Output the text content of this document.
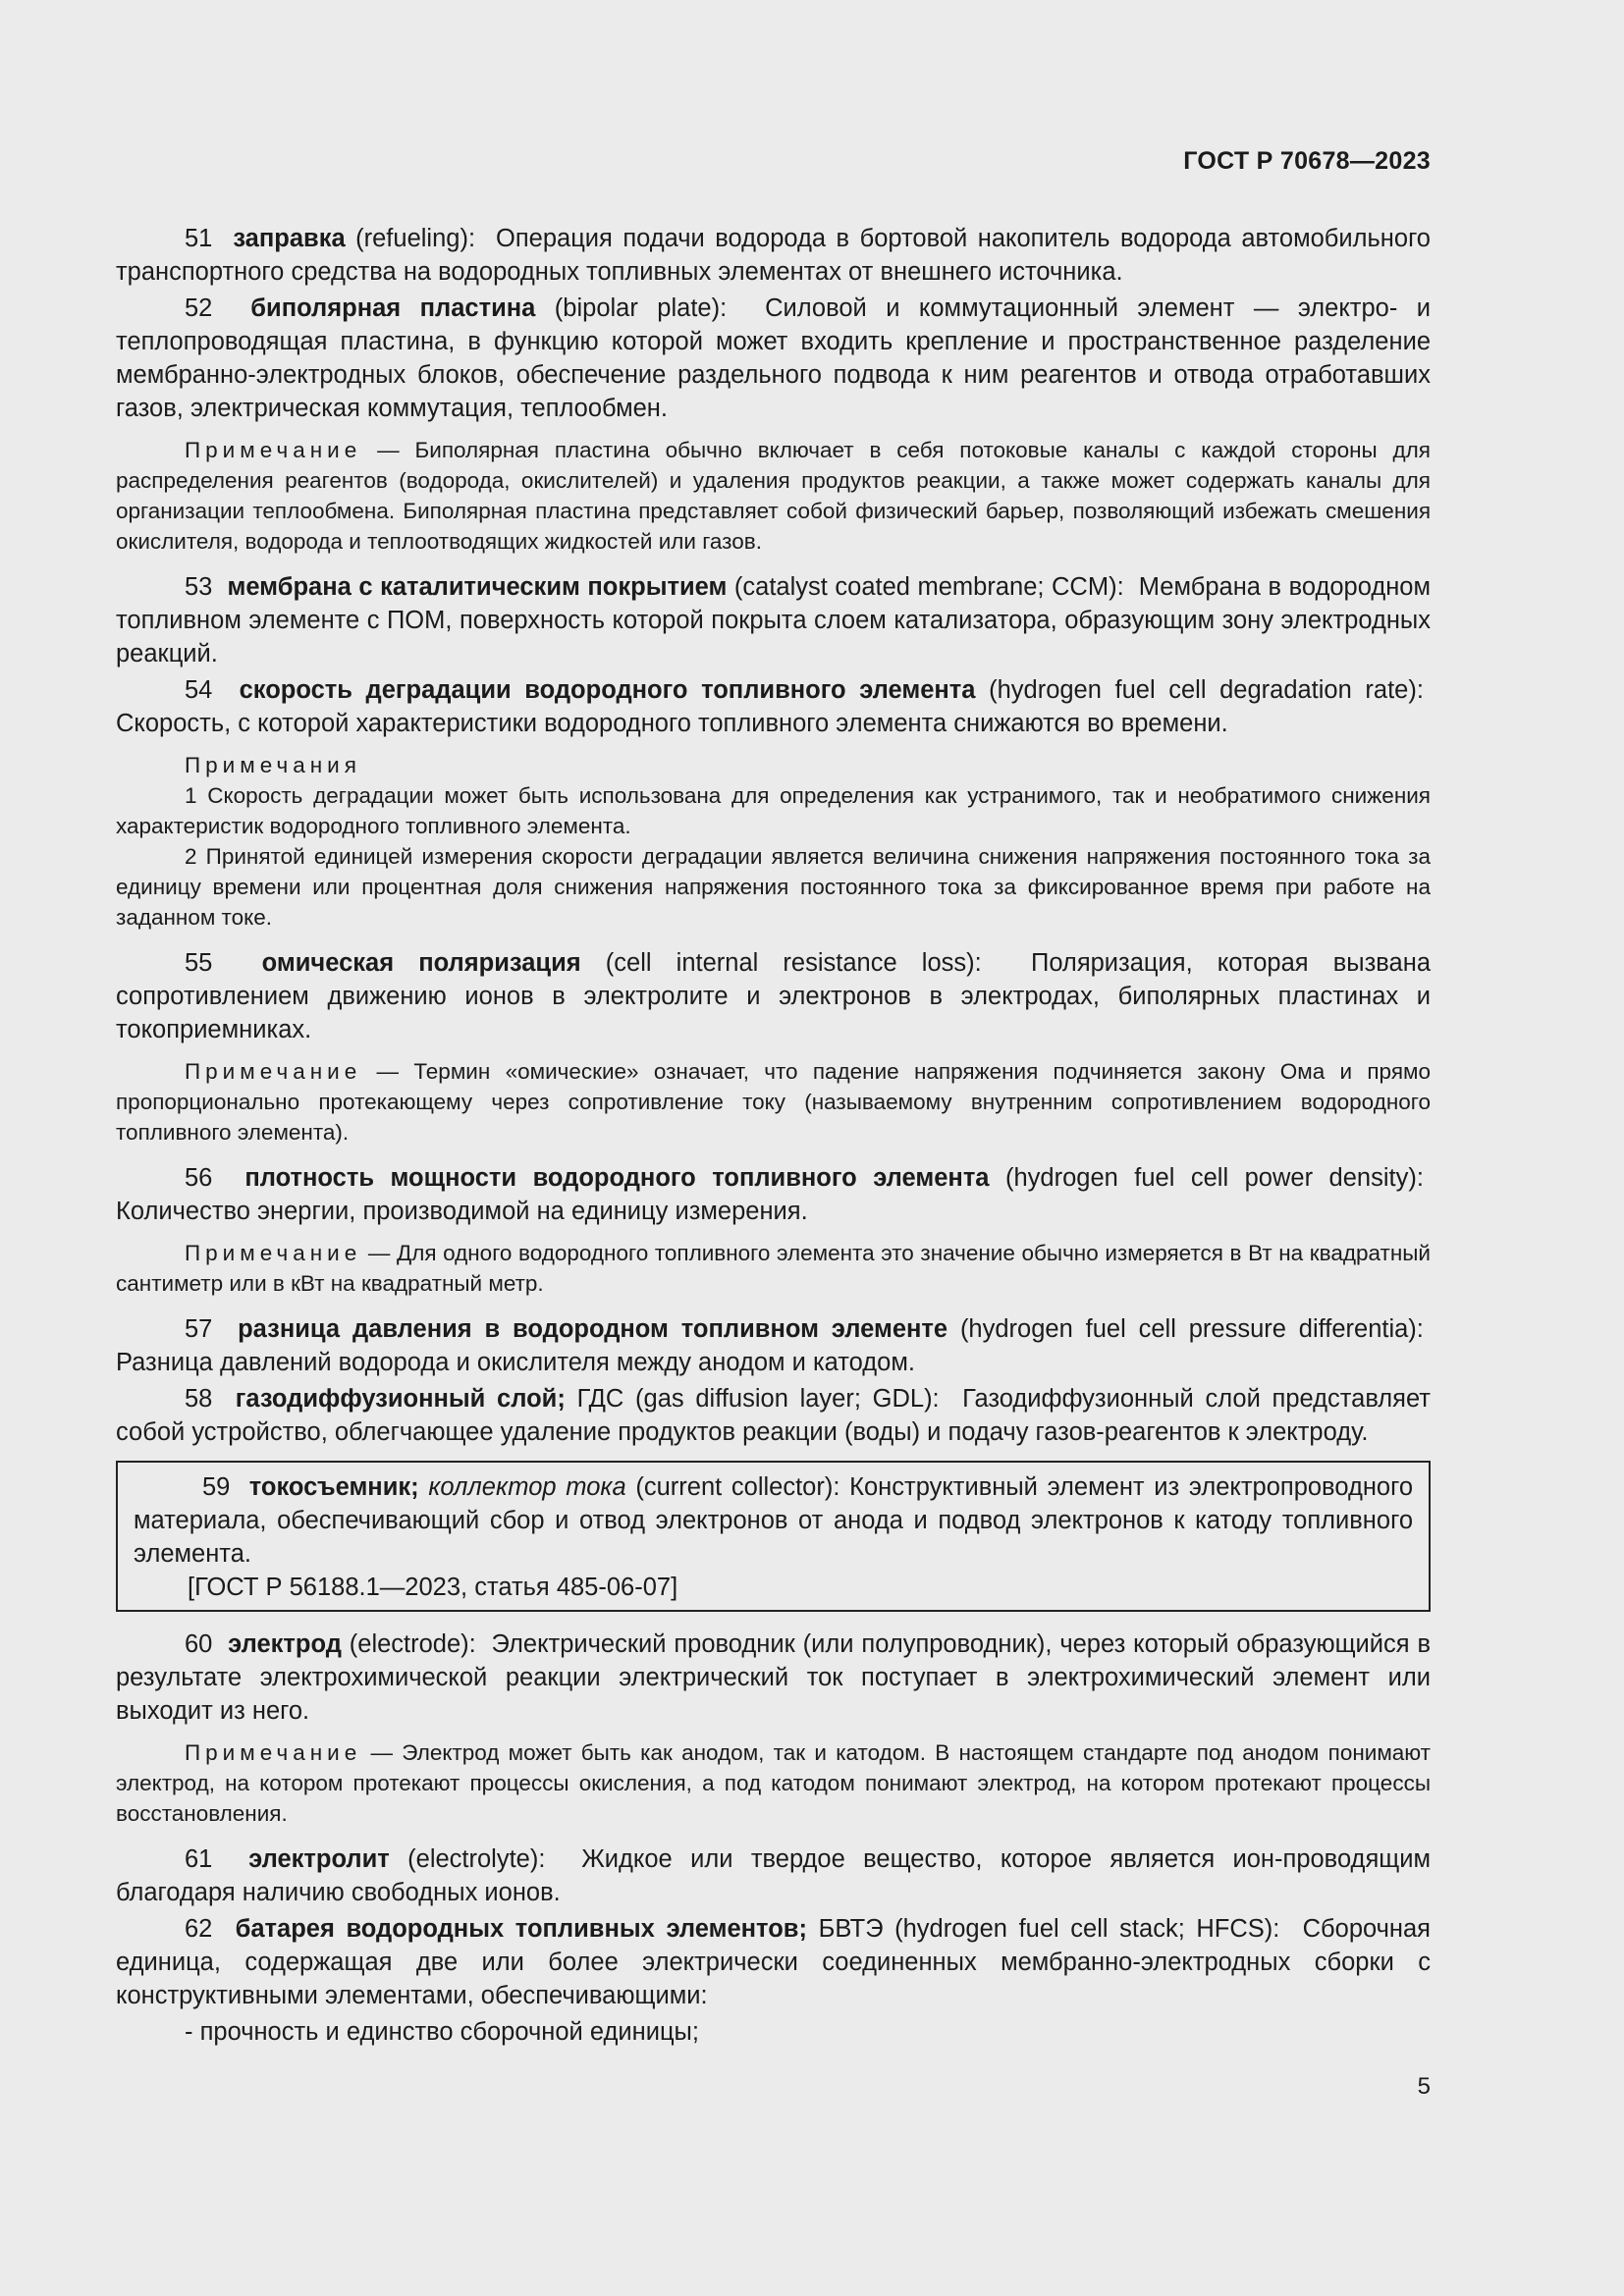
ГОСТ Р 70678—2023

51 заправка (refueling): Операция подачи водорода в бортовой накопитель водорода автомобильного транспортного средства на водородных топливных элементах от внешнего источника.

52 биполярная пластина (bipolar plate): Силовой и коммутационный элемент — электро- и теплопроводящая пластина, в функцию которой может входить крепление и пространственное разделение мембранно-электродных блоков, обеспечение раздельного подвода к ним реагентов и отвода отработавших газов, электрическая коммутация, теплообмен.

Примечание — Биполярная пластина обычно включает в себя потоковые каналы с каждой стороны для распределения реагентов (водорода, окислителей) и удаления продуктов реакции, а также может содержать каналы для организации теплообмена. Биполярная пластина представляет собой физический барьер, позволяющий избежать смешения окислителя, водорода и теплоотводящих жидкостей или газов.

53 мембрана с каталитическим покрытием (catalyst coated membrane; CCM): Мембрана в водородном топливном элементе с ПОМ, поверхность которой покрыта слоем катализатора, образующим зону электродных реакций.

54 скорость деградации водородного топливного элемента (hydrogen fuel cell degradation rate):  Скорость, с которой характеристики водородного топливного элемента снижаются во времени.

Примечания

1 Скорость деградации может быть использована для определения как устранимого, так и необратимого снижения характеристик водородного топливного элемента.

2 Принятой единицей измерения скорости деградации является величина снижения напряжения постоянного тока за единицу времени или процентная доля снижения напряжения постоянного тока за фиксированное время при работе на заданном токе.

55 омическая поляризация (cell internal resistance loss): Поляризация, которая вызвана сопротивлением движению ионов в электролите и электронов в электродах, биполярных пластинах и токоприемниках.

Примечание — Термин «омические» означает, что падение напряжения подчиняется закону Ома и прямо пропорционально протекающему через сопротивление току (называемому внутренним сопротивлением водородного топливного элемента).

56 плотность мощности водородного топливного элемента (hydrogen fuel cell power density):  Количество энергии, производимой на единицу измерения.

Примечание — Для одного водородного топливного элемента это значение обычно измеряется в Вт на квадратный сантиметр или в кВт на квадратный метр.

57 разница давления в водородном топливном элементе (hydrogen fuel cell pressure differentia):  Разница давлений водорода и окислителя между анодом и катодом.

58 газодиффузионный слой; ГДС (gas diffusion layer; GDL): Газодиффузионный слой представляет собой устройство, облегчающее удаление продуктов реакции (воды) и подачу газов-реагентов к электроду.

59 токосъемник; коллектор тока (current collector): Конструктивный элемент из электропроводного материала, обеспечивающий сбор и отвод электронов от анода и подвод электронов к катоду топливного элемента.

[ГОСТ Р 56188.1—2023, статья 485-06-07]

60 электрод (electrode): Электрический проводник (или полупроводник), через который образующийся в результате электрохимической реакции электрический ток поступает в электрохимический элемент или выходит из него.

Примечание — Электрод может быть как анодом, так и катодом. В настоящем стандарте под анодом понимают электрод, на котором протекают процессы окисления, а под катодом понимают электрод, на котором протекают процессы восстановления.

61 электролит (electrolyte): Жидкое или твердое вещество, которое является ион-проводящим благодаря наличию свободных ионов.

62 батарея водородных топливных элементов; БВТЭ (hydrogen fuel cell stack; HFCS): Сборочная единица, содержащая две или более электрически соединенных мембранно-электродных сборки с конструктивными элементами, обеспечивающими:

- прочность и единство сборочной единицы;

5
